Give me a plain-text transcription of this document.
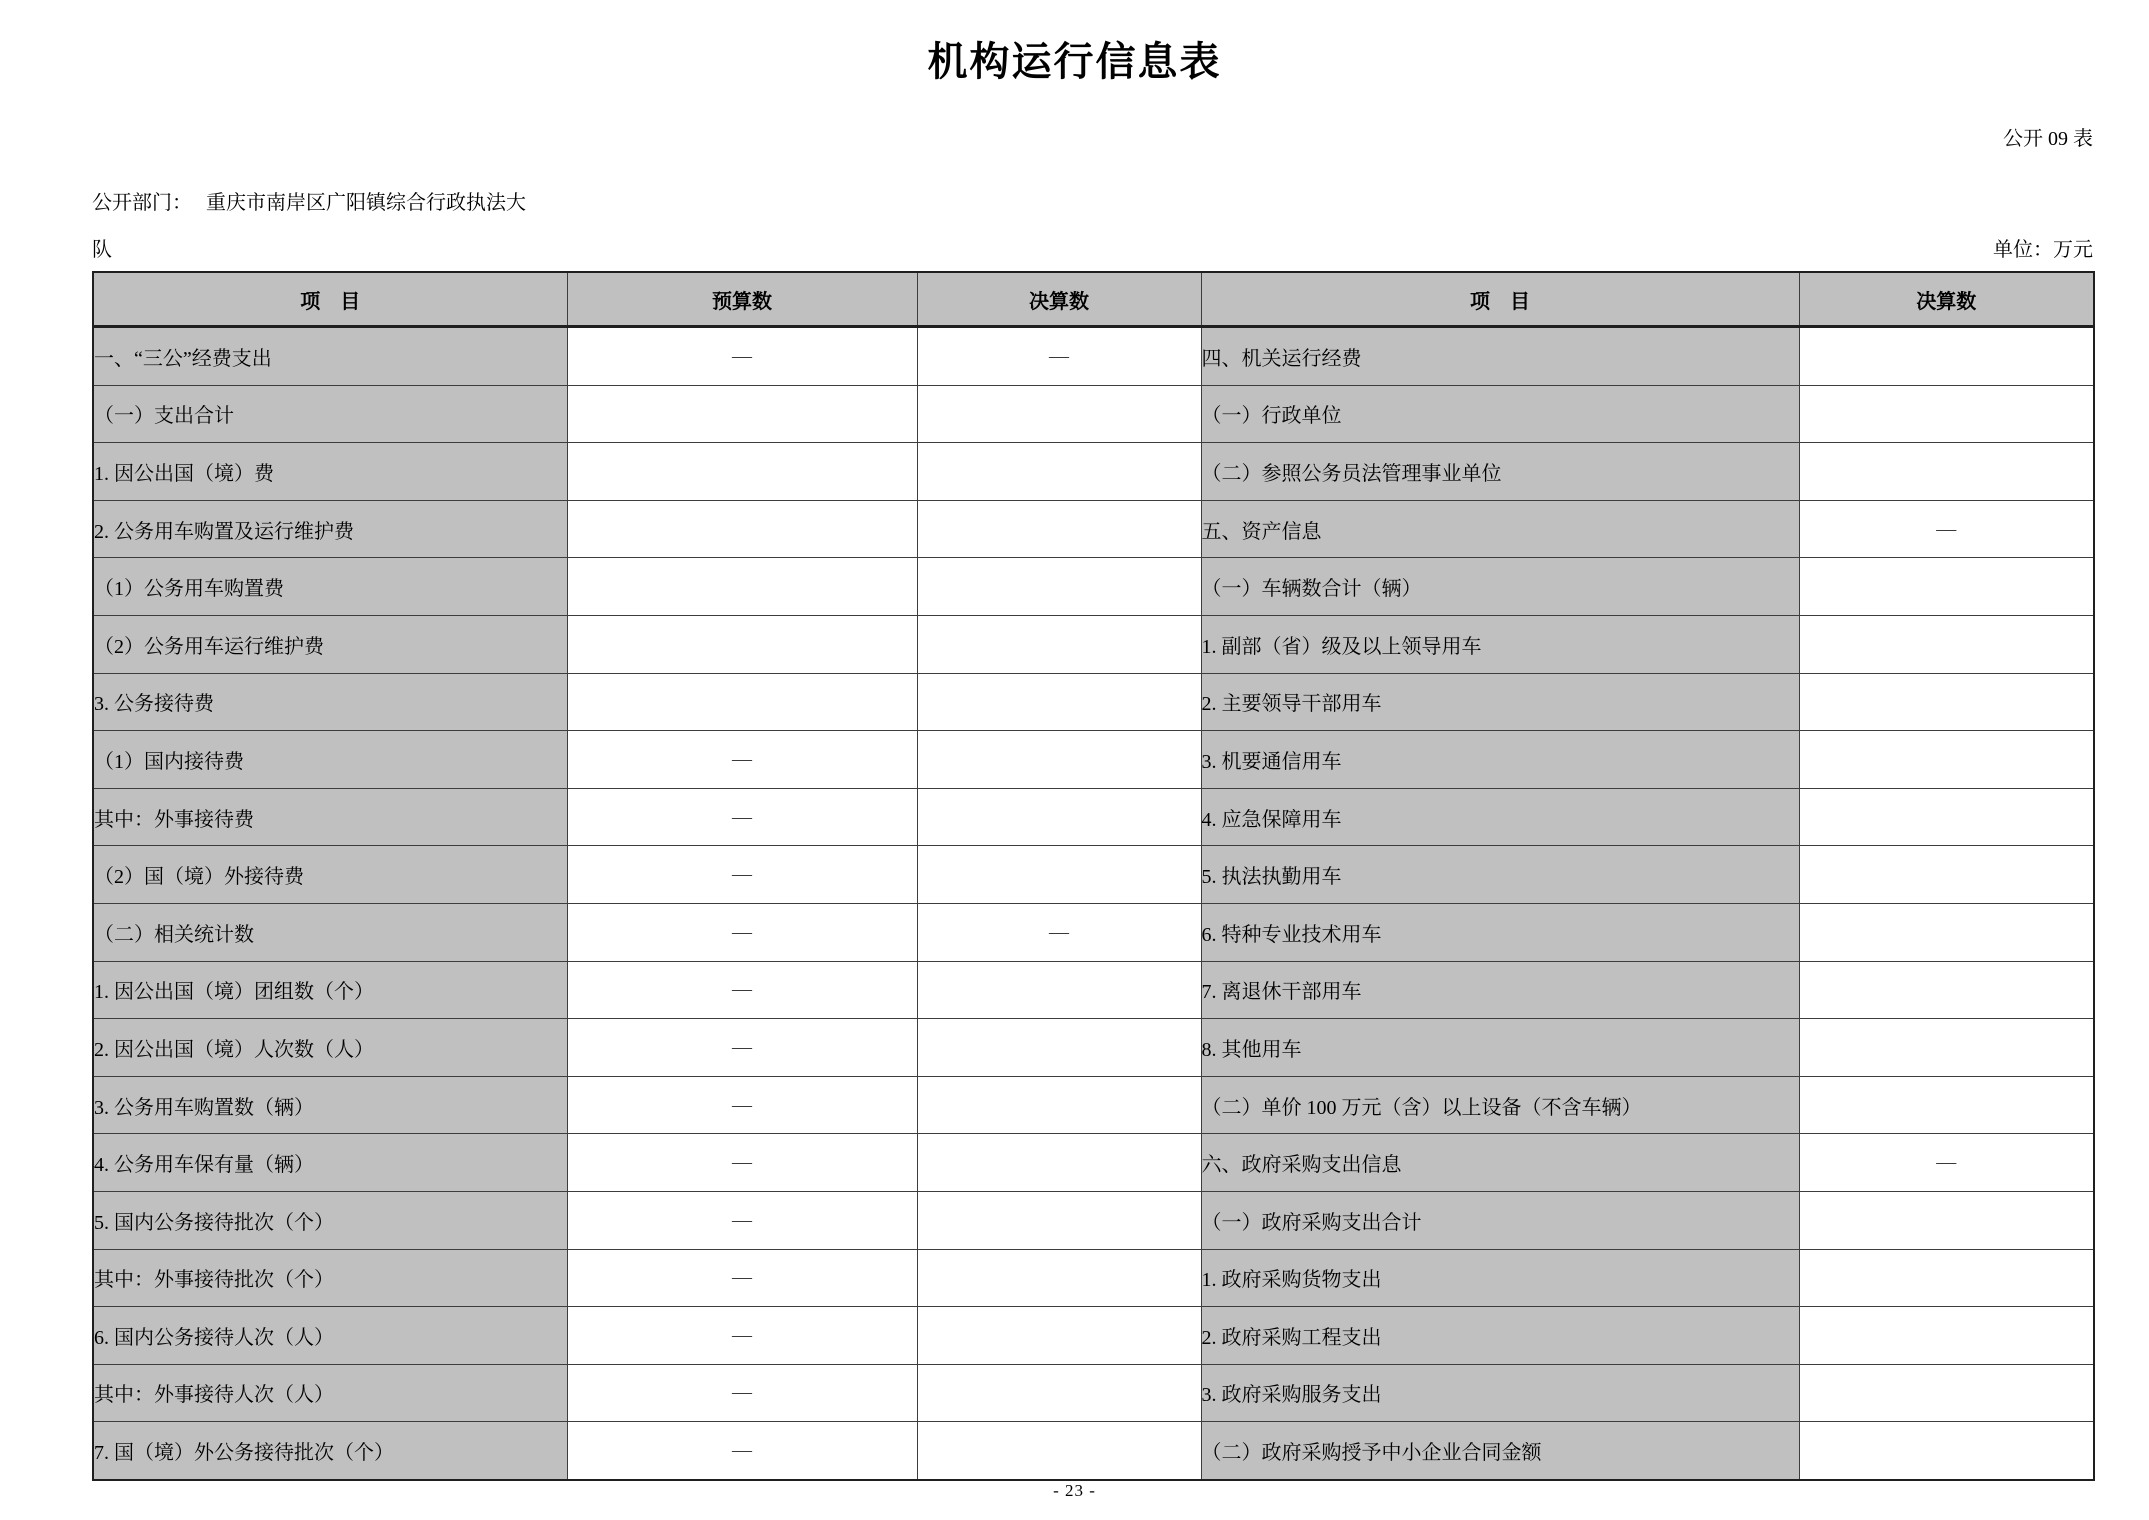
机构运行信息表
公开 09 表
公开部门： 重庆市南岸区广阳镇综合行政执法大
队	单位：万元
项　目	预算数	决算数	项　目	决算数
一、“三公”经费支出	—	—	四、机关运行经费	
（一）支出合计			（一）行政单位	
1. 因公出国（境）费			（二）参照公务员法管理事业单位	
2. 公务用车购置及运行维护费			五、资产信息	—
（1）公务用车购置费			（一）车辆数合计（辆）	
（2）公务用车运行维护费			1. 副部（省）级及以上领导用车	
3. 公务接待费			2. 主要领导干部用车	
（1）国内接待费	—		3. 机要通信用车	
其中：外事接待费	—		4. 应急保障用车	
（2）国（境）外接待费	—		5. 执法执勤用车	
（二）相关统计数	—	—	6. 特种专业技术用车	
1. 因公出国（境）团组数（个）	—		7. 离退休干部用车	
2. 因公出国（境）人次数（人）	—		8. 其他用车	
3. 公务用车购置数（辆）	—		（二）单价 100 万元（含）以上设备（不含车辆）	
4. 公务用车保有量（辆）	—		六、政府采购支出信息	—
5. 国内公务接待批次（个）	—		（一）政府采购支出合计	
其中：外事接待批次（个）	—		1. 政府采购货物支出	
6. 国内公务接待人次（人）	—		2. 政府采购工程支出	
其中：外事接待人次（人）	—		3. 政府采购服务支出	
7. 国（境）外公务接待批次（个）	—		（二）政府采购授予中小企业合同金额	
- 23 -
